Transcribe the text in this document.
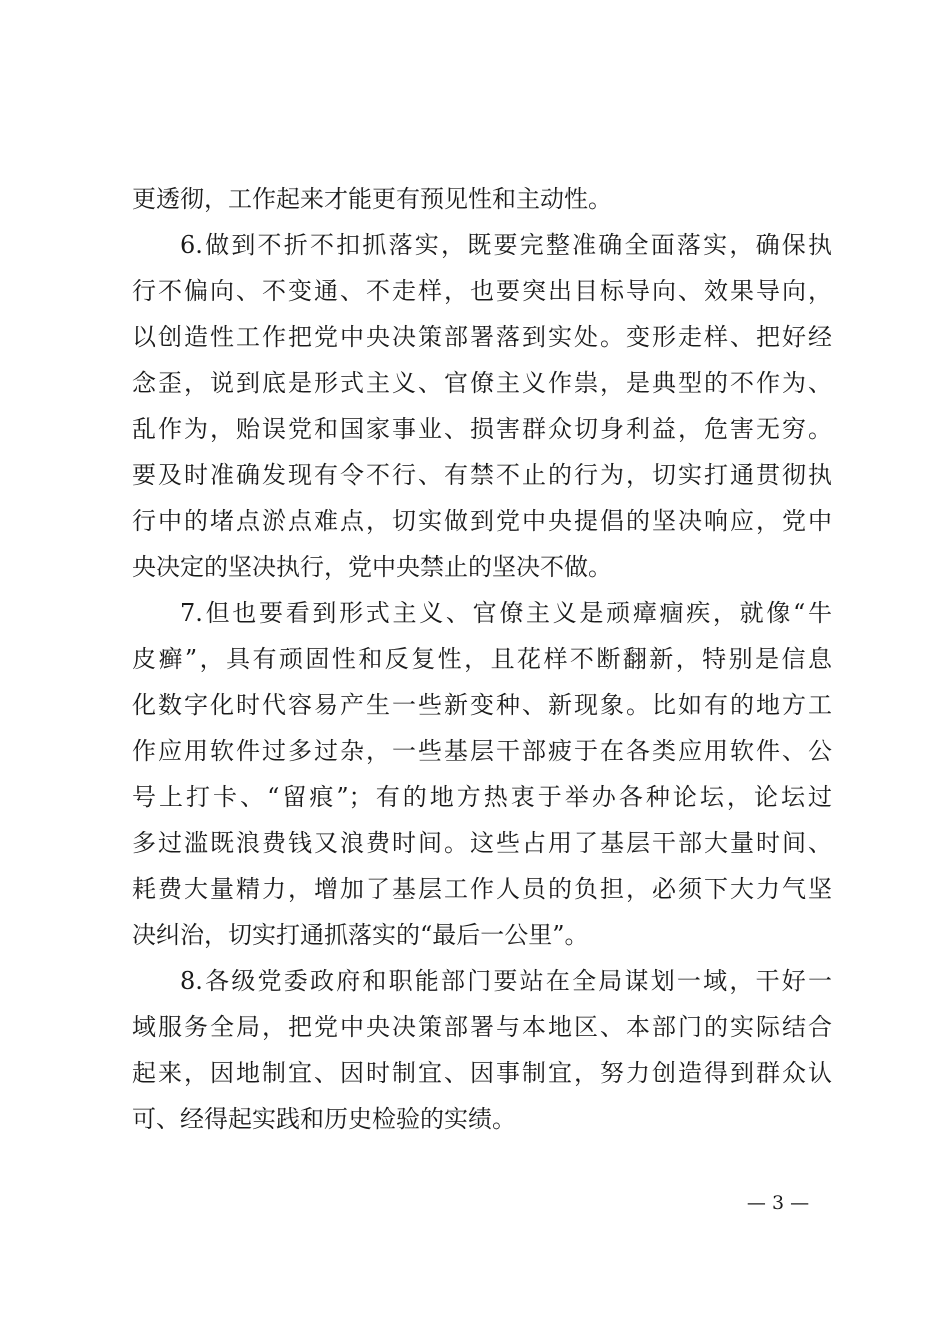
更透彻，工作起来才能更有预见性和主动性。
6.做到不折不扣抓落实，既要完整准确全面落实，确保执
行不偏向、不变通、不走样，也要突出目标导向、效果导向，
以创造性工作把党中央决策部署落到实处。变形走样、把好经
念歪，说到底是形式主义、官僚主义作祟，是典型的不作为、
乱作为，贻误党和国家事业、损害群众切身利益，危害无穷。
要及时准确发现有令不行、有禁不止的行为，切实打通贯彻执
行中的堵点淤点难点，切实做到党中央提倡的坚决响应，党中
央决定的坚决执行，党中央禁止的坚决不做。
7.但也要看到形式主义、官僚主义是顽瘴痼疾，就像“牛
皮癣”，具有顽固性和反复性，且花样不断翻新，特别是信息
化数字化时代容易产生一些新变种、新现象。比如有的地方工
作应用软件过多过杂，一些基层干部疲于在各类应用软件、公
号上打卡、“留痕”；有的地方热衷于举办各种论坛，论坛过
多过滥既浪费钱又浪费时间。这些占用了基层干部大量时间、
耗费大量精力，增加了基层工作人员的负担，必须下大力气坚
决纠治，切实打通抓落实的“最后一公里”。
8.各级党委政府和职能部门要站在全局谋划一域，干好一
域服务全局，把党中央决策部署与本地区、本部门的实际结合
起来，因地制宜、因时制宜、因事制宜，努力创造得到群众认
可、经得起实践和历史检验的实绩。
— 3 —
